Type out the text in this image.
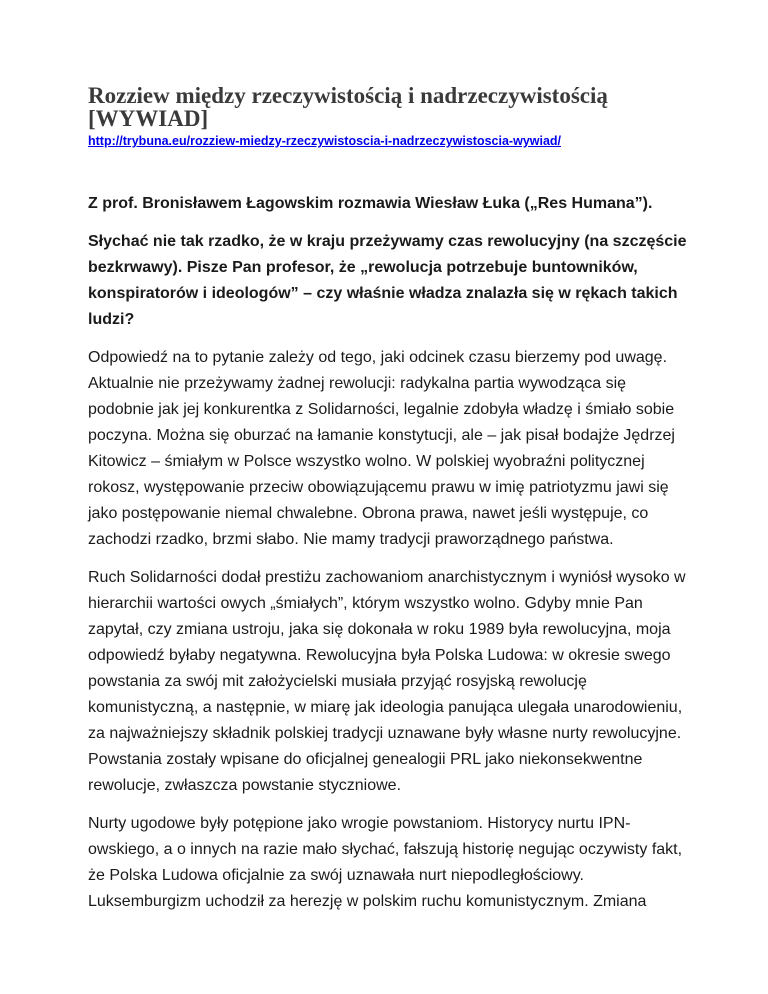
Rozziew między rzeczywistością i nadrzeczywistością [WYWIAD]
http://trybuna.eu/rozziew-miedzy-rzeczywistoscia-i-nadrzeczywistoscia-wywiad/

Z prof. Bronisławem Łagowskim rozmawia Wiesław Łuka („Res Humana”).

Słychać nie tak rzadko, że w kraju przeżywamy czas rewolucyjny (na szczęście bezkrwawy). Pisze Pan profesor, że „rewolucja potrzebuje buntowników, konspiratorów i ideologów” – czy właśnie władza znalazła się w rękach takich ludzi?

Odpowiedź na to pytanie zależy od tego, jaki odcinek czasu bierzemy pod uwagę. Aktualnie nie przeżywamy żadnej rewolucji: radykalna partia wywodząca się podobnie jak jej konkurentka z Solidarności, legalnie zdobyła władzę i śmiało sobie poczyna. Można się oburzać na łamanie konstytucji, ale – jak pisał bodajże Jędrzej Kitowicz – śmiałym w Polsce wszystko wolno. W polskiej wyobraźni politycznej rokosz, występowanie przeciw obowiązującemu prawu w imię patriotyzmu jawi się jako postępowanie niemal chwalebne. Obrona prawa, nawet jeśli występuje, co zachodzi rzadko, brzmi słabo. Nie mamy tradycji praworządnego państwa.

Ruch Solidarności dodał prestiżu zachowaniom anarchistycznym i wyniósł wysoko w hierarchii wartości owych „śmiałych”, którym wszystko wolno. Gdyby mnie Pan zapytał, czy zmiana ustroju, jaka się dokonała w roku 1989 była rewolucyjna, moja odpowiedź byłaby negatywna. Rewolucyjna była Polska Ludowa: w okresie swego powstania za swój mit założycielski musiała przyjąć rosyjską rewolucję komunistyczną, a następnie, w miarę jak ideologia panująca ulegała unarodowieniu, za najważniejszy składnik polskiej tradycji uznawane były własne nurty rewolucyjne. Powstania zostały wpisane do oficjalnej genealogii PRL jako niekonsekwentne rewolucje, zwłaszcza powstanie styczniowe.

Nurty ugodowe były potępione jako wrogie powstaniom. Historycy nurtu IPN-owskiego, a o innych na razie mało słychać, fałszują historię negując oczywisty fakt, że Polska Ludowa oficjalnie za swój uznawała nurt niepodległościowy. Luksemburgizm uchodził za herezję w polskim ruchu komunistycznym. Zmiana
